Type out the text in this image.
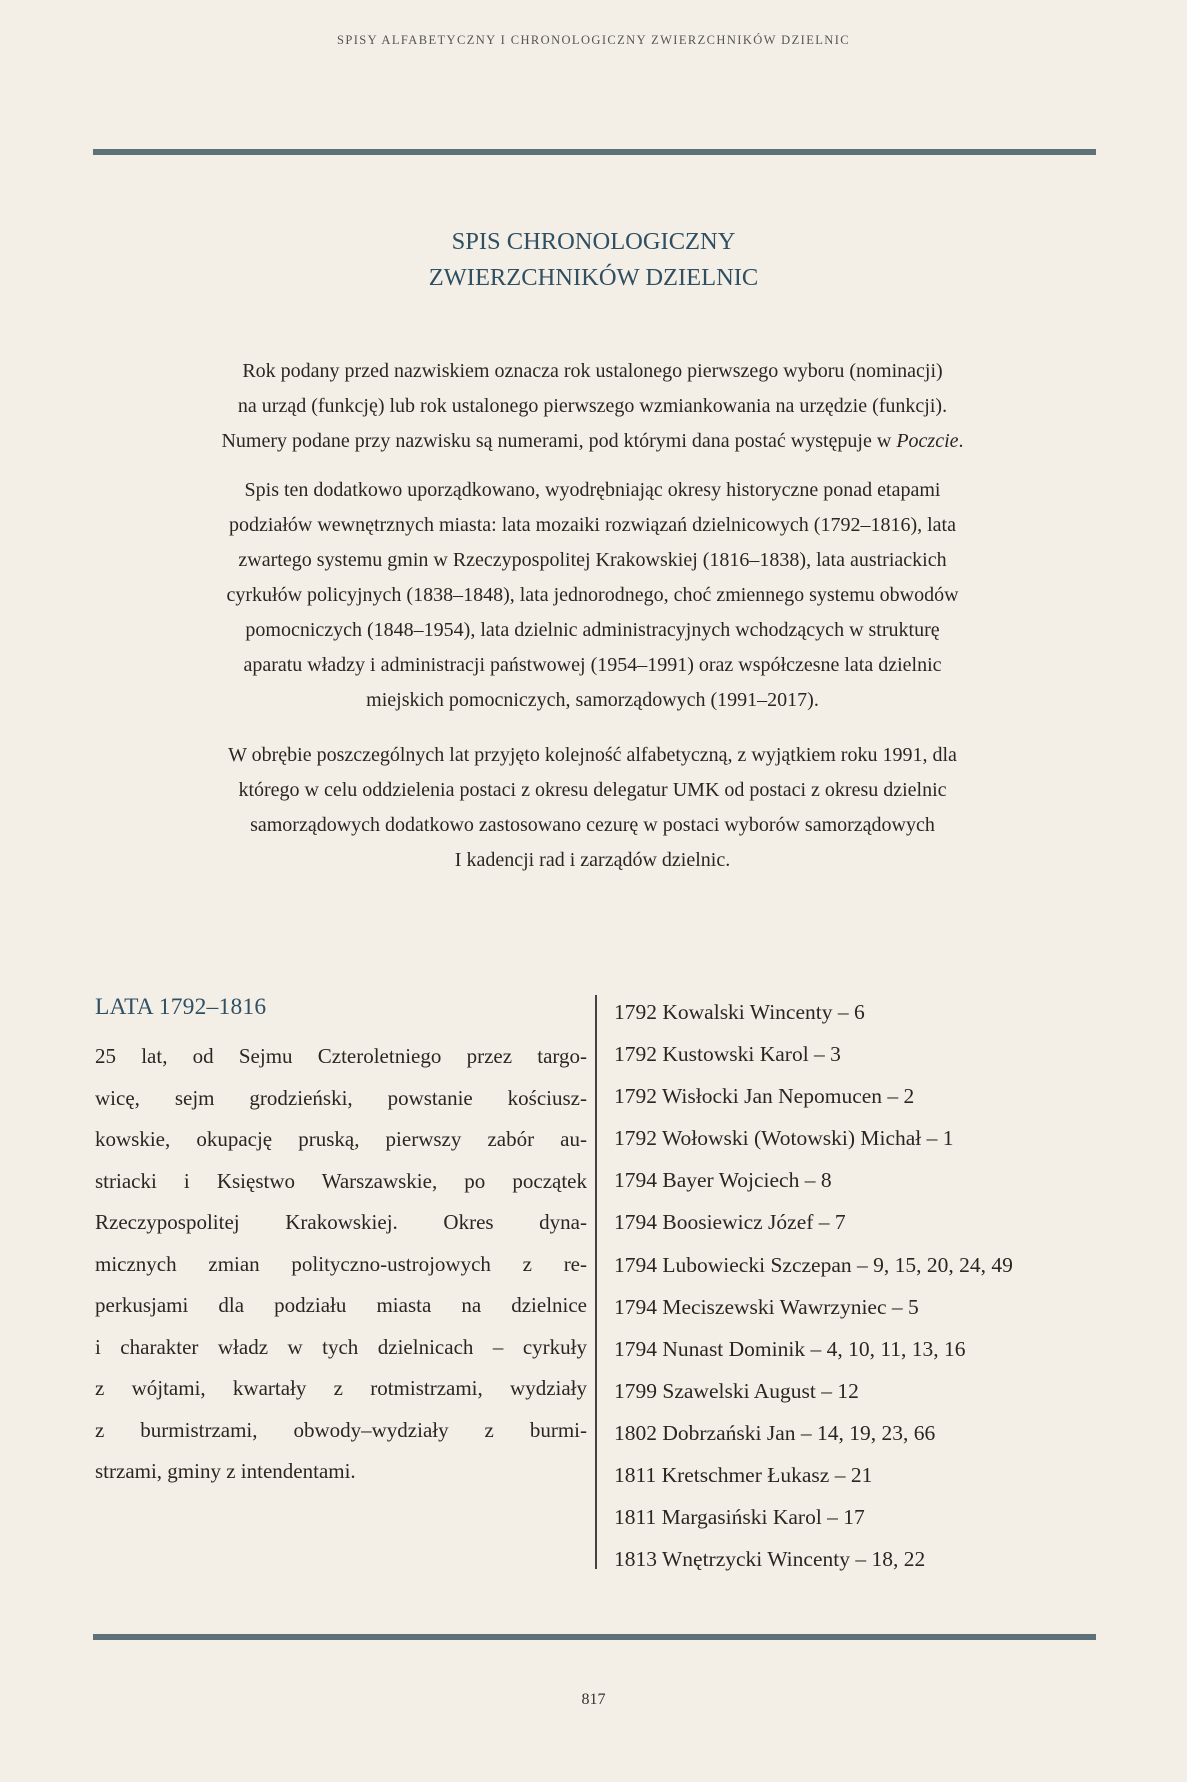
SPISY ALFABETYCZNY I CHRONOLOGICZNY ZWIERZCHNIKÓW DZIELNIC
SPIS CHRONOLOGICZNY
ZWIERZCHNIKÓW DZIELNIC

Rok podany przed nazwiskiem oznacza rok ustalonego pierwszego wyboru (nominacji)
na urząd (funkcję) lub rok ustalonego pierwszego wzmiankowania na urzędzie (funkcji).
Numery podane przy nazwisku są numerami, pod którymi dana postać występuje w Poczcie.

Spis ten dodatkowo uporządkowano, wyodrębniając okresy historyczne ponad etapami
podziałów wewnętrznych miasta: lata mozaiki rozwiązań dzielnicowych (1792–1816), lata
zwartego systemu gmin w Rzeczypospolitej Krakowskiej (1816–1838), lata austriackich
cyrkułów policyjnych (1838–1848), lata jednorodnego, choć zmiennego systemu obwodów
pomocniczych (1848–1954), lata dzielnic administracyjnych wchodzących w strukturę
aparatu władzy i administracji państwowej (1954–1991) oraz współczesne lata dzielnic
miejskich pomocniczych, samorządowych (1991–2017).

W obrębie poszczególnych lat przyjęto kolejność alfabetyczną, z wyjątkiem roku 1991, dla
którego w celu oddzielenia postaci z okresu delegatur UMK od postaci z okresu dzielnic
samorządowych dodatkowo zastosowano cezurę w postaci wyborów samorządowych
I kadencji rad i zarządów dzielnic.

LATA 1792–1816
25 lat, od Sejmu Czteroletniego przez targo-
wicę, sejm grodzieński, powstanie kościusz-
kowskie, okupację pruską, pierwszy zabór au-
striacki i Księstwo Warszawskie, po początek
Rzeczypospolitej Krakowskiej. Okres dyna-
micznych zmian polityczno-ustrojowych z re-
perkusjami dla podziału miasta na dzielnice
i charakter władz w tych dzielnicach – cyrkuły
z wójtami, kwartały z rotmistrzami, wydziały
z burmistrzami, obwody–wydziały z burmi-
strzami, gminy z intendentami.
1792 Kowalski Wincenty – 6
1792 Kustowski Karol – 3
1792 Wisłocki Jan Nepomucen – 2
1792 Wołowski (Wotowski) Michał – 1
1794 Bayer Wojciech – 8
1794 Boosiewicz Józef – 7
1794 Lubowiecki Szczepan – 9, 15, 20, 24, 49
1794 Meciszewski Wawrzyniec – 5
1794 Nunast Dominik – 4, 10, 11, 13, 16
1799 Szawelski August – 12
1802 Dobrzański Jan – 14, 19, 23, 66
1811 Kretschmer Łukasz – 21
1811 Margasiński Karol – 17
1813 Wnętrzycki Wincenty – 18, 22
817
